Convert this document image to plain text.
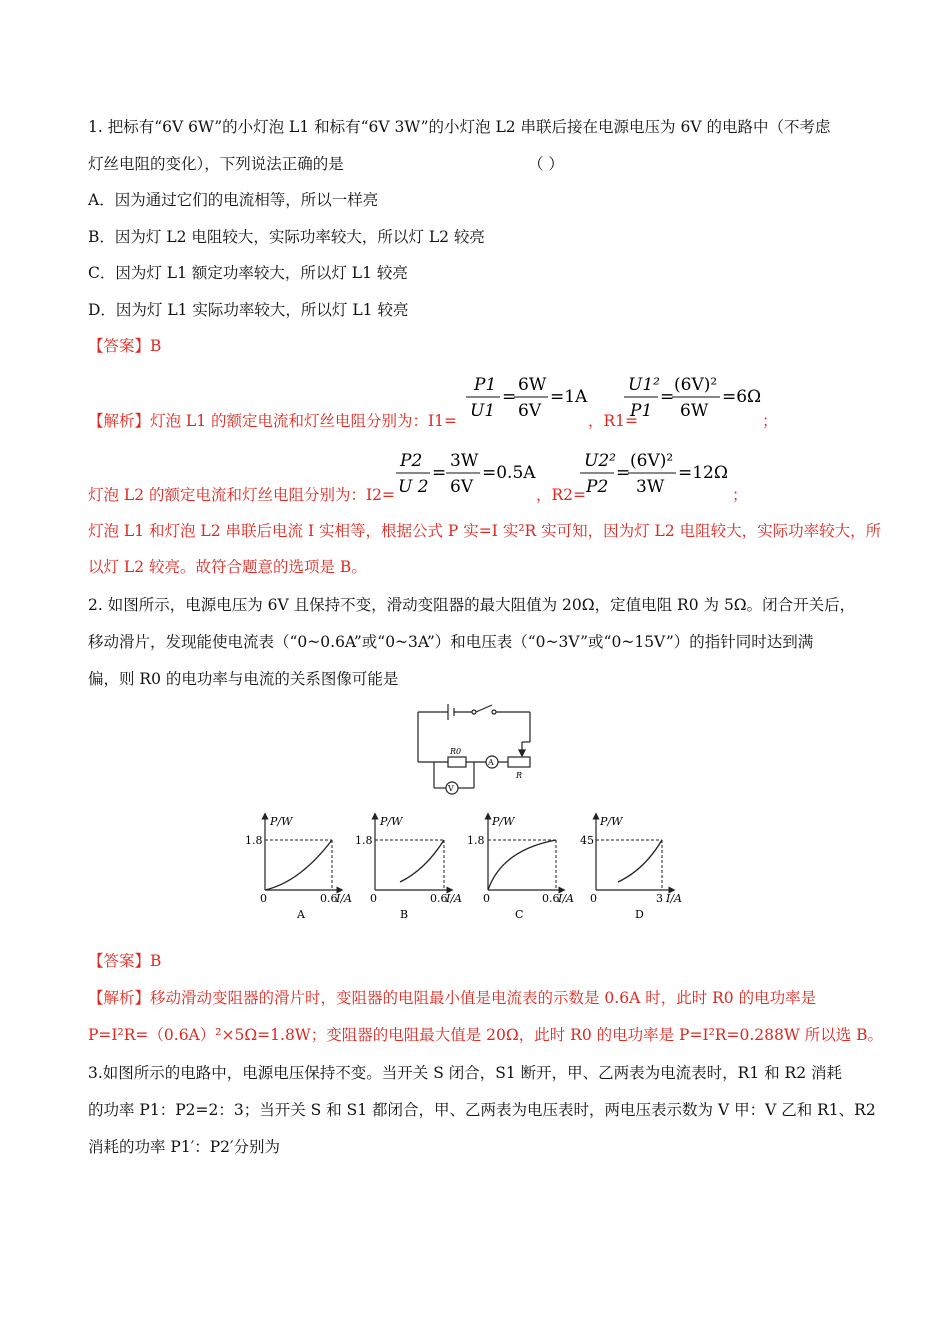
1. 把标有“6V 6W”的小灯泡 L1 和标有“6V 3W”的小灯泡 L2 串联后接在电源电压为 6V 的电路中（不考虑
灯丝电阻的变化），下列说法正确的是	（ ）
A．因为通过它们的电流相等，所以一样亮
B．因为灯 L2 电阻较大，实际功率较大，所以灯 L2 较亮
C．因为灯 L1 额定功率较大，所以灯 L1 较亮
D．因为灯 L1 实际功率较大，所以灯 L1 较亮
【答案】B
【解析】灯泡 L1 的额定电流和灯丝电阻分别为：I1=
P1
U1
=
6W
6V
=1A
，R1=
U1²
P1
=
(6V)²
6W
=6Ω
；
灯泡 L2 的额定电流和灯丝电阻分别为：I2=
P2
U 2
=
3W
6V
=0.5A
，R2=
U2²
P2
=
(6V)²
3W
=12Ω
；
灯泡 L1 和灯泡 L2 串联后电流 I 实相等，根据公式 P 实=I 实²R 实可知，因为灯 L2 电阻较大，实际功率较大，所
以灯 L2 较亮。故符合题意的选项是 B。
2. 如图所示，电源电压为 6V 且保持不变，滑动变阻器的最大阻值为 20Ω，定值电阻 R0 为 5Ω。闭合开关后，
移动滑片，发现能使电流表（“0~0.6A”或“0~3A”）和电压表（“0~3V”或“0~15V”）的指针同时达到满
偏，则 R0 的电功率与电流的关系图像可能是
R0
A
R
V
P/W
1.8
0	0.6
I/A
A
P/W
1.8
0	0.6
I/A
B
P/W
1.8
0	0.6
I/A
C
P/W
45
0	3 I/A
D
【答案】B
【解析】移动滑动变阻器的滑片时，变阻器的电阻最小值是电流表的示数是 0.6A 时，此时 R0 的电功率是
P=I²R=（0.6A）²×5Ω=1.8W；变阻器的电阻最大值是 20Ω，此时 R0 的电功率是 P=I²R=0.288W 所以选 B。
3.如图所示的电路中，电源电压保持不变。当开关 S 闭合，S1 断开，甲、乙两表为电流表时，R1 和 R2 消耗
的功率 P1：P2=2：3；当开关 S 和 S1 都闭合，甲、乙两表为电压表时，两电压表示数为 V 甲：V 乙和 R1、R2
消耗的功率 P1′：P2′分别为
